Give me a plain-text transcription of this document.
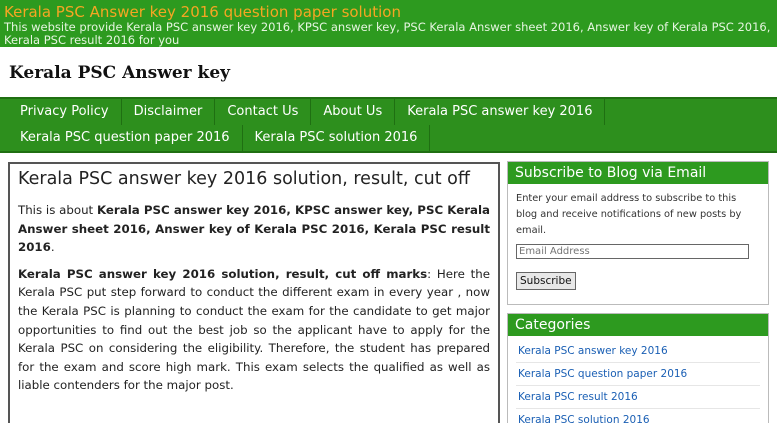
Kerala PSC Answer key 2016 question paper solution
This website provide Kerala PSC answer key 2016, KPSC answer key, PSC Kerala Answer sheet 2016, Answer key of Kerala PSC 2016, Kerala PSC result 2016 for you
Kerala PSC Answer key
Privacy Policy	Disclaimer	Contact Us	About Us	Kerala PSC answer key 2016
Kerala PSC question paper 2016	Kerala PSC solution 2016
Kerala PSC answer key 2016 solution, result, cut off

This is about Kerala PSC answer key 2016, KPSC answer key, PSC Kerala Answer sheet 2016, Answer key of Kerala PSC 2016, Kerala PSC result 2016.

Kerala PSC answer key 2016 solution, result, cut off marks: Here the Kerala PSC put step forward to conduct the different exam in every year , now the Kerala PSC is planning to conduct the exam for the candidate to get major opportunities to find out the best job so the applicant have to apply for the Kerala PSC on considering the eligibility. Therefore, the student has prepared for the exam and score high mark. This exam selects the qualified as well as liable contenders for the major post.

Subscribe to Blog via Email
Enter your email address to subscribe to this blog and receive notifications of new posts by email.
Email Address Subscribe
Categories
Kerala PSC answer key 2016
Kerala PSC question paper 2016
Kerala PSC result 2016
Kerala PSC solution 2016
